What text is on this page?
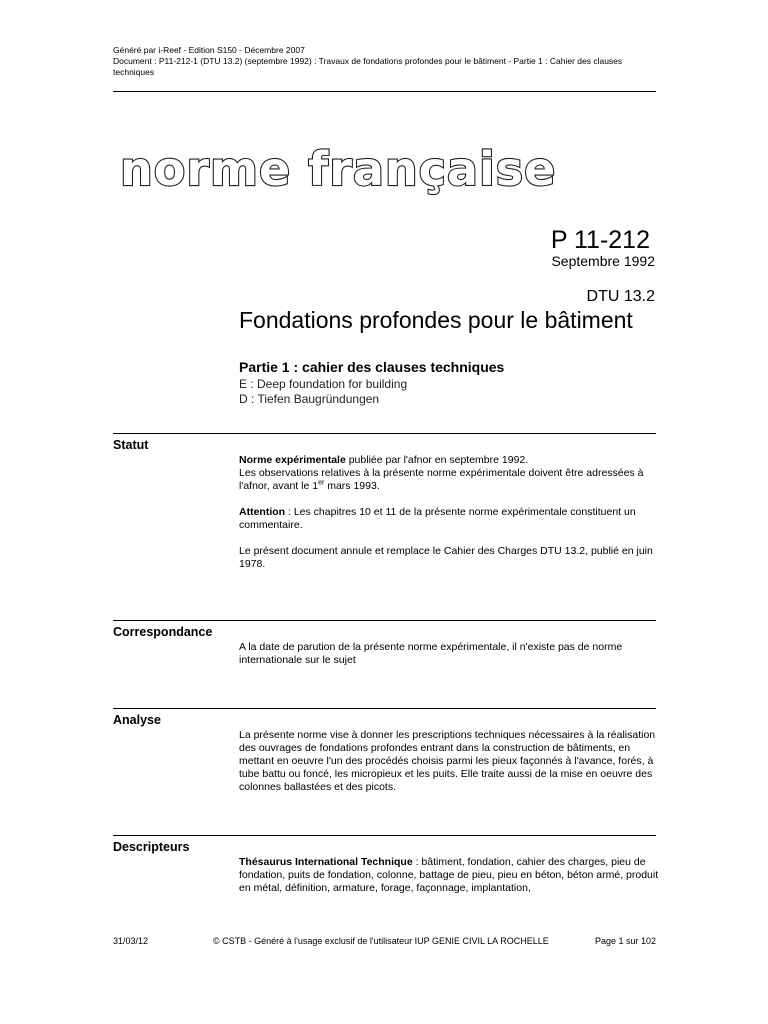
Généré par i-Reef - Edition S150 - Décembre 2007
Document : P11-212-1 (DTU 13.2) (septembre 1992) : Travaux de fondations profondes pour le bâtiment - Partie 1 : Cahier des clauses techniques
norme française
P 11-212
Septembre 1992
DTU 13.2
Fondations profondes pour le bâtiment
Partie 1 : cahier des clauses techniques
E : Deep foundation for building
D : Tiefen Baugründungen
Statut

Norme expérimentale publiée par l'afnor en septembre 1992.
Les observations relatives à la présente norme expérimentale doivent être adressées à l'afnor, avant le 1er mars 1993.

Attention : Les chapitres 10 et 11 de la présente norme expérimentale constituent un commentaire.

Le présent document annule et remplace le Cahier des Charges DTU 13.2, publié en juin 1978.

Correspondance
A la date de parution de la présente norme expérimentale, il n'existe pas de norme internationale sur le sujet
Analyse
La présente norme vise à donner les prescriptions techniques nécessaires à la réalisation des ouvrages de fondations profondes entrant dans la construction de bâtiments, en mettant en oeuvre l'un des procédés choisis parmi les pieux façonnés à l'avance, forés, à tube battu ou foncé, les micropieux et les puits. Elle traite aussi de la mise en oeuvre des colonnes ballastées et des picots.
Descripteurs
Thésaurus International Technique : bâtiment, fondation, cahier des charges, pieu de fondation, puits de fondation, colonne, battage de pieu, pieu en béton, béton armé, produit en métal, définition, armature, forage, façonnage, implantation,
31/03/12	© CSTB - Généré à l'usage exclusif de l'utilisateur IUP GENIE CIVIL LA ROCHELLE	Page 1 sur 102
